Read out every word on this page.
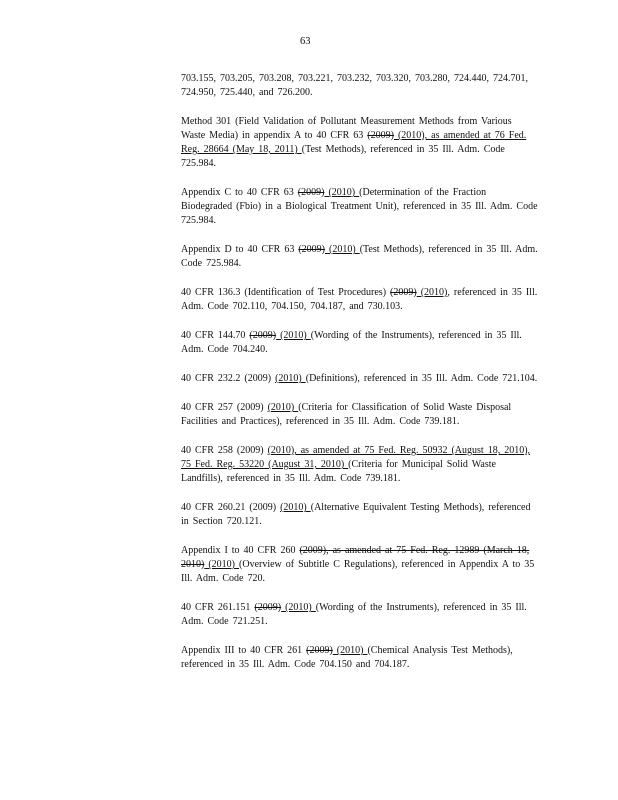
63

703.155, 703.205, 703.208, 703.221, 703.232, 703.320, 703.280, 724.440, 724.701, 724.950, 725.440, and 726.200.

Method 301 (Field Validation of Pollutant Measurement Methods from Various Waste Media) in appendix A to 40 CFR 63 (2009) (2010), as amended at 76 Fed. Reg. 28664 (May 18, 2011) (Test Methods), referenced in 35 Ill. Adm. Code 725.984.

Appendix C to 40 CFR 63 (2009) (2010) (Determination of the Fraction Biodegraded (Fbio) in a Biological Treatment Unit), referenced in 35 Ill. Adm. Code 725.984.

Appendix D to 40 CFR 63 (2009) (2010) (Test Methods), referenced in 35 Ill. Adm. Code 725.984.

40 CFR 136.3 (Identification of Test Procedures) (2009) (2010), referenced in 35 Ill. Adm. Code 702.110, 704.150, 704.187, and 730.103.

40 CFR 144.70 (2009) (2010) (Wording of the Instruments), referenced in 35 Ill. Adm. Code 704.240.

40 CFR 232.2 (2009) (2010) (Definitions), referenced in 35 Ill. Adm. Code 721.104.

40 CFR 257 (2009) (2010) (Criteria for Classification of Solid Waste Disposal Facilities and Practices), referenced in 35 Ill. Adm. Code 739.181.

40 CFR 258 (2009) (2010), as amended at 75 Fed. Reg. 50932 (August 18, 2010), 75 Fed. Reg. 53220 (August 31, 2010) (Criteria for Municipal Solid Waste Landfills), referenced in 35 Ill. Adm. Code 739.181.

40 CFR 260.21 (2009) (2010) (Alternative Equivalent Testing Methods), referenced in Section 720.121.

Appendix I to 40 CFR 260 (2009), as amended at 75 Fed. Reg. 12989 (March 18, 2010) (2010) (Overview of Subtitle C Regulations), referenced in Appendix A to 35 Ill. Adm. Code 720.

40 CFR 261.151 (2009) (2010) (Wording of the Instruments), referenced in 35 Ill. Adm. Code 721.251.

Appendix III to 40 CFR 261 (2009) (2010) (Chemical Analysis Test Methods), referenced in 35 Ill. Adm. Code 704.150 and 704.187.
